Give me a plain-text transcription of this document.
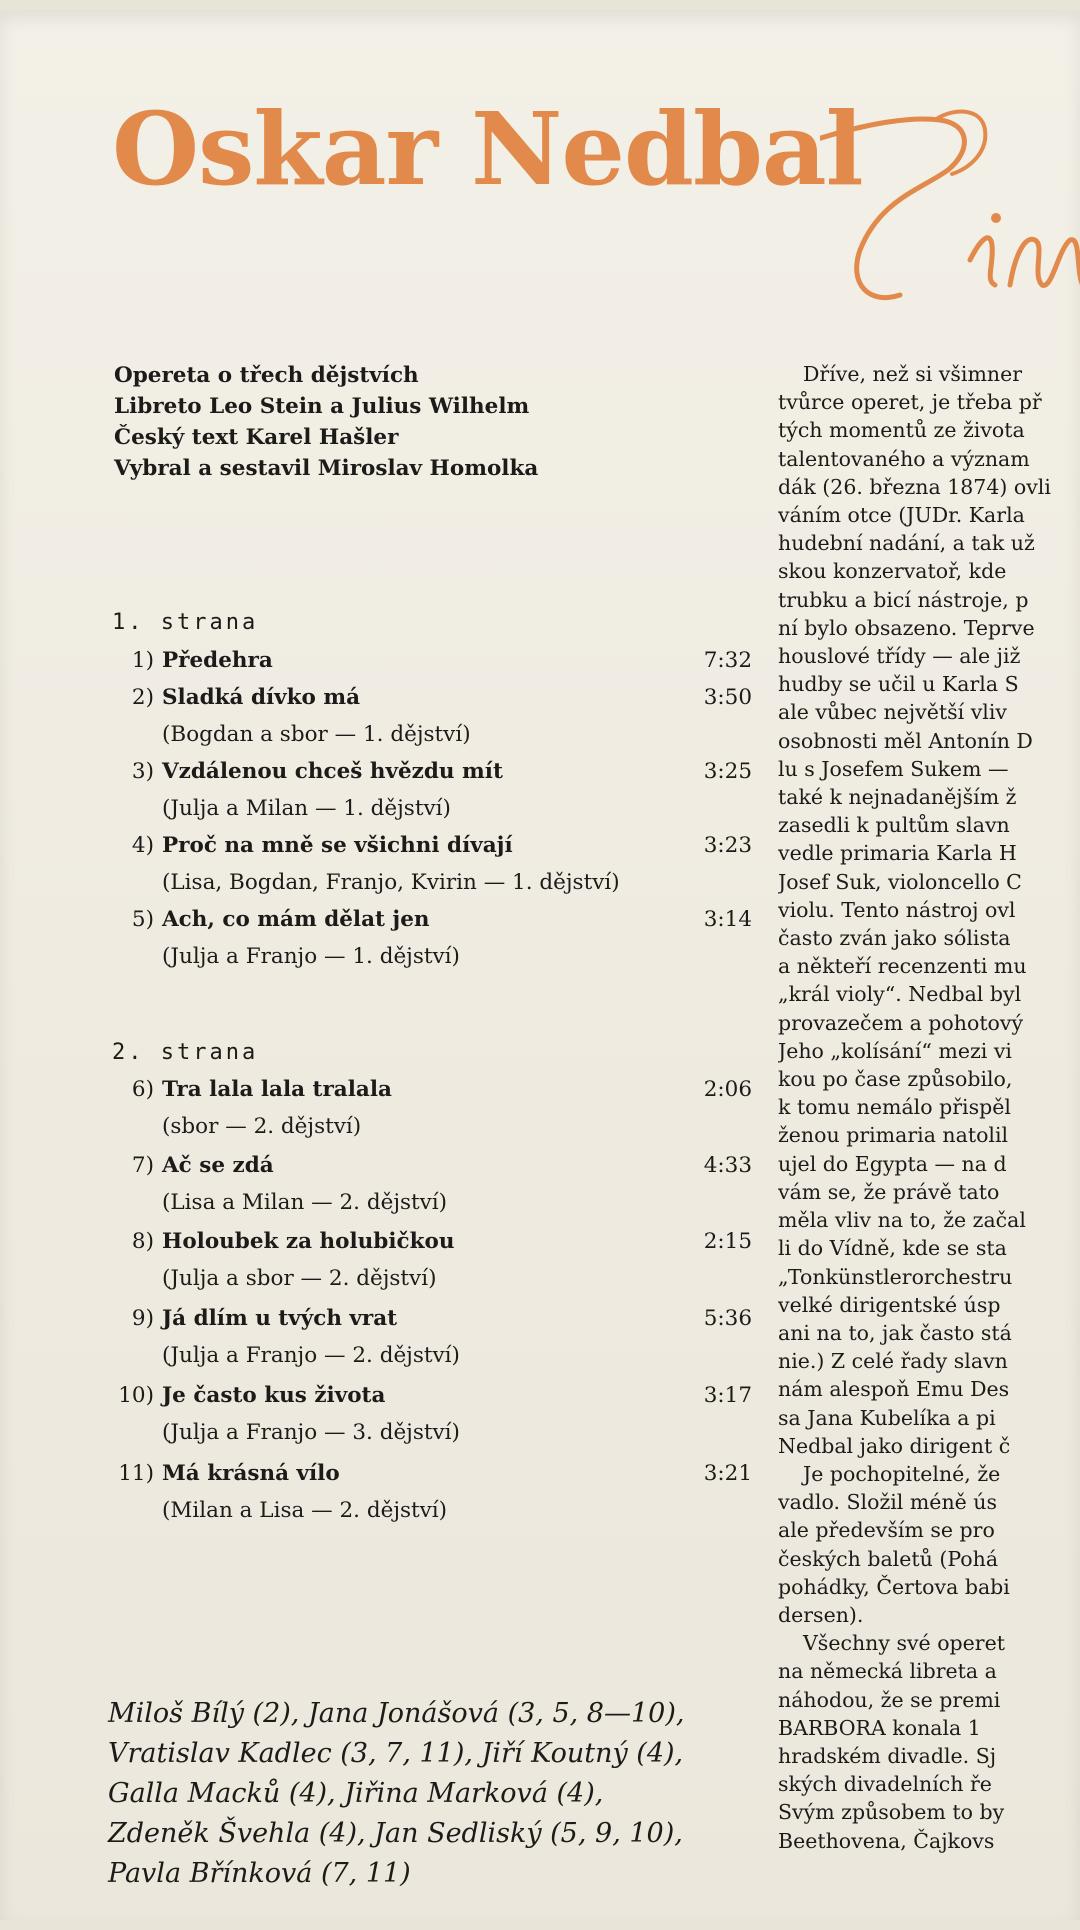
Oskar Nedbal
Opereta o třech dějstvích
Libreto Leo Stein a Julius Wilhelm
Český text Karel Hašler
Vybral a sestavil Miroslav Homolka
1. strana
1) Předehra	7:32
2) Sladká dívko má	3:50
(Bogdan a sbor — 1. dějství)
3) Vzdálenou chceš hvězdu mít	3:25
(Julja a Milan — 1. dějství)
4) Proč na mně se všichni dívají	3:23
(Lisa, Bogdan, Franjo, Kvirin — 1. dějství)
5) Ach, co mám dělat jen	3:14
(Julja a Franjo — 1. dějství)
2. strana
6) Tra lala lala tralala	2:06
(sbor — 2. dějství)
7) Ač se zdá	4:33
(Lisa a Milan — 2. dějství)
8) Holoubek za holubičkou	2:15
(Julja a sbor — 2. dějství)
9) Já dlím u tvých vrat	5:36
(Julja a Franjo — 2. dějství)
10) Je často kus života	3:17
(Julja a Franjo — 3. dějství)
11) Má krásná vílo	3:21
(Milan a Lisa — 2. dějství)
Miloš Bílý (2), Jana Jonášová (3, 5, 8—10),
Vratislav Kadlec (3, 7, 11), Jiří Koutný (4),
Galla Macků (4), Jiřina Marková (4),
Zdeněk Švehla (4), Jan Sedliský (5, 9, 10),
Pavla Břínková (7, 11)
Dříve, než si všimner
tvůrce operet, je třeba př
tých momentů ze života
talentovaného a význam
dák (26. března 1874) ovli
váním otce (JUDr. Karla
hudební nadání, a tak už
skou konzervatoř, kde
trubku a bicí nástroje, p
ní bylo obsazeno. Teprve
houslové třídy — ale již
hudby se učil u Karla S
ale vůbec největší vliv
osobnosti měl Antonín D
lu s Josefem Sukem —
také k nejnadanějším ž
zasedli k pultům slavn
vedle primaria Karla H
Josef Suk, violoncello C
violu. Tento nástroj ovl
často zván jako sólista
a někteří recenzenti mu
„král violy“. Nedbal byl
provazečem a pohotový
Jeho „kolísání“ mezi vi
kou po čase způsobilo,
k tomu nemálo přispěl
ženou primaria natolil
ujel do Egypta — na d
vám se, že právě tato
měla vliv na to, že začal
li do Vídně, kde se sta
„Tonkünstlerorchestru
velké dirigentské úsp
ani na to, jak často stá
nie.) Z celé řady slavn
nám alespoň Emu Des
sa Jana Kubelíka a pi
Nedbal jako dirigent č
Je pochopitelné, že
vadlo. Složil méně ús
ale především se pro
českých baletů (Pohá
pohádky, Čertova babi
dersen).
Všechny své operet
na německá libreta a
náhodou, že se premi
BARBORA konala 1
hradském divadle. Sj
ských divadelních ře
Svým způsobem to by
Beethovena, Čajkovs
